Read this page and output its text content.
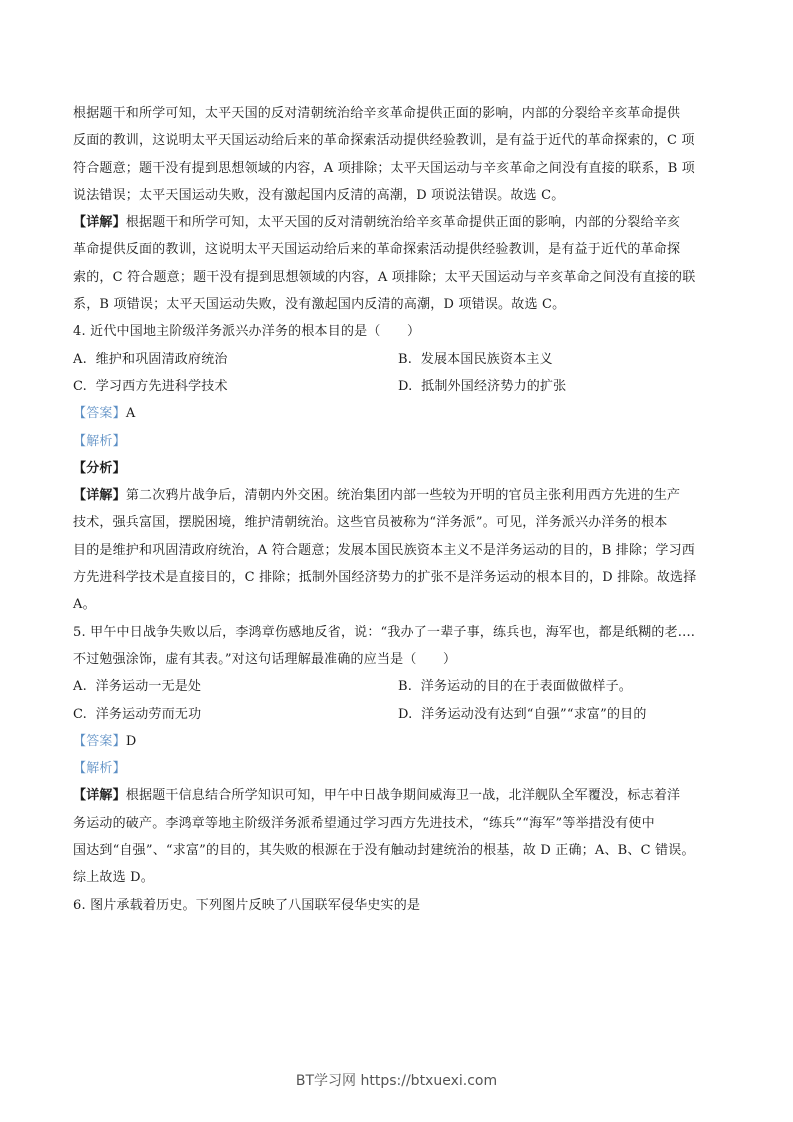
根据题干和所学可知，太平天国的反对清朝统治给辛亥革命提供正面的影响，内部的分裂给辛亥革命提供
反面的教训，这说明太平天国运动给后来的革命探索活动提供经验教训，是有益于近代的革命探索的，C 项
符合题意；题干没有提到思想领域的内容，A 项排除；太平天国运动与辛亥革命之间没有直接的联系，B 项
说法错误；太平天国运动失败，没有激起国内反清的高潮，D 项说法错误。故选 C。
【详解】根据题干和所学可知，太平天国的反对清朝统治给辛亥革命提供正面的影响，内部的分裂给辛亥
革命提供反面的教训，这说明太平天国运动给后来的革命探索活动提供经验教训，是有益于近代的革命探
索的，C 符合题意；题干没有提到思想领域的内容，A 项排除；太平天国运动与辛亥革命之间没有直接的联
系，B 项错误；太平天国运动失败，没有激起国内反清的高潮，D 项错误。故选 C。
4. 近代中国地主阶级洋务派兴办洋务的根本目的是（　　）
A. 维护和巩固清政府统治	B. 发展本国民族资本主义
C. 学习西方先进科学技术	D. 抵制外国经济势力的扩张
【答案】A
【解析】
【分析】
【详解】第二次鸦片战争后，清朝内外交困。统治集团内部一些较为开明的官员主张利用西方先进的生产
技术，强兵富国，摆脱困境，维护清朝统治。这些官员被称为“洋务派”。可见，洋务派兴办洋务的根本
目的是维护和巩固清政府统治，A 符合题意；发展本国民族资本主义不是洋务运动的目的，B 排除；学习西
方先进科学技术是直接目的，C 排除；抵制外国经济势力的扩张不是洋务运动的根本目的，D 排除。故选择
A。
5. 甲午中日战争失败以后，李鸿章伤感地反省，说：“我办了一辈子事，练兵也，海军也，都是纸糊的老....
不过勉强涂饰，虚有其表。”对这句话理解最准确的应当是（　　）
A. 洋务运动一无是处	B. 洋务运动的目的在于表面做做样子。
C. 洋务运动劳而无功	D. 洋务运动没有达到“自强”“求富”的目的
【答案】D
【解析】
【详解】根据题干信息结合所学知识可知，甲午中日战争期间威海卫一战，北洋舰队全军覆没，标志着洋
务运动的破产。李鸿章等地主阶级洋务派希望通过学习西方先进技术，“练兵”“海军”等举措没有使中
国达到“自强”、“求富”的目的，其失败的根源在于没有触动封建统治的根基，故 D 正确；A、B、C 错误。
综上故选 D。
6. 图片承载着历史。下列图片反映了八国联军侵华史实的是
BT学习网 https://btxuexi.com
